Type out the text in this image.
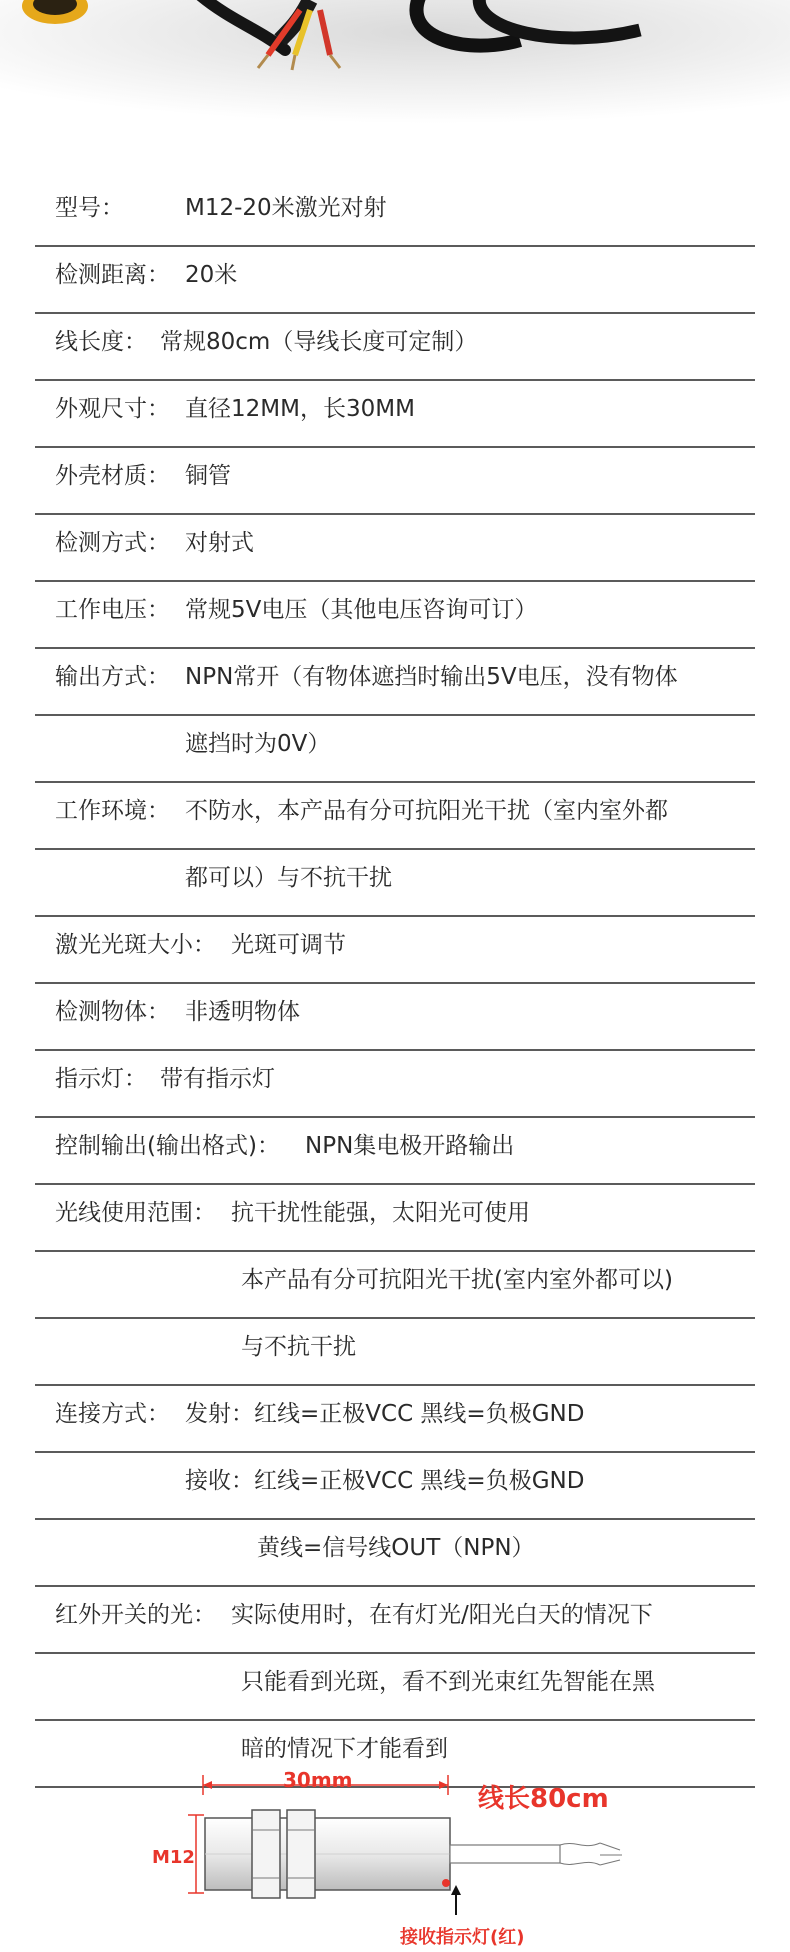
型号：	M12-20米激光对射
检测距离： 20米
线长度： 常规80cm（导线长度可定制）
外观尺寸： 直径12MM，长30MM
外壳材质： 铜管
检测方式： 对射式
工作电压： 常规5V电压（其他电压咨询可订）
输出方式： NPN常开（有物体遮挡时输出5V电压，没有物体
遮挡时为0V）
工作环境： 不防水，本产品有分可抗阳光干扰（室内室外都
都可以）与不抗干扰
激光光斑大小： 光斑可调节
检测物体： 非透明物体
指示灯： 带有指示灯
控制输出(输出格式)： NPN集电极开路输出
光线使用范围： 抗干扰性能强，太阳光可使用
本产品有分可抗阳光干扰(室内室外都可以)
与不抗干扰
连接方式： 发射：红线=正极VCC 黑线=负极GND
接收：红线=正极VCC 黑线=负极GND
黄线=信号线OUT（NPN）
红外开关的光： 实际使用时，在有灯光/阳光白天的情况下
只能看到光斑，看不到光束红先智能在黑
暗的情况下才能看到
30mm
M12
线长80cm
接收指示灯(红)
